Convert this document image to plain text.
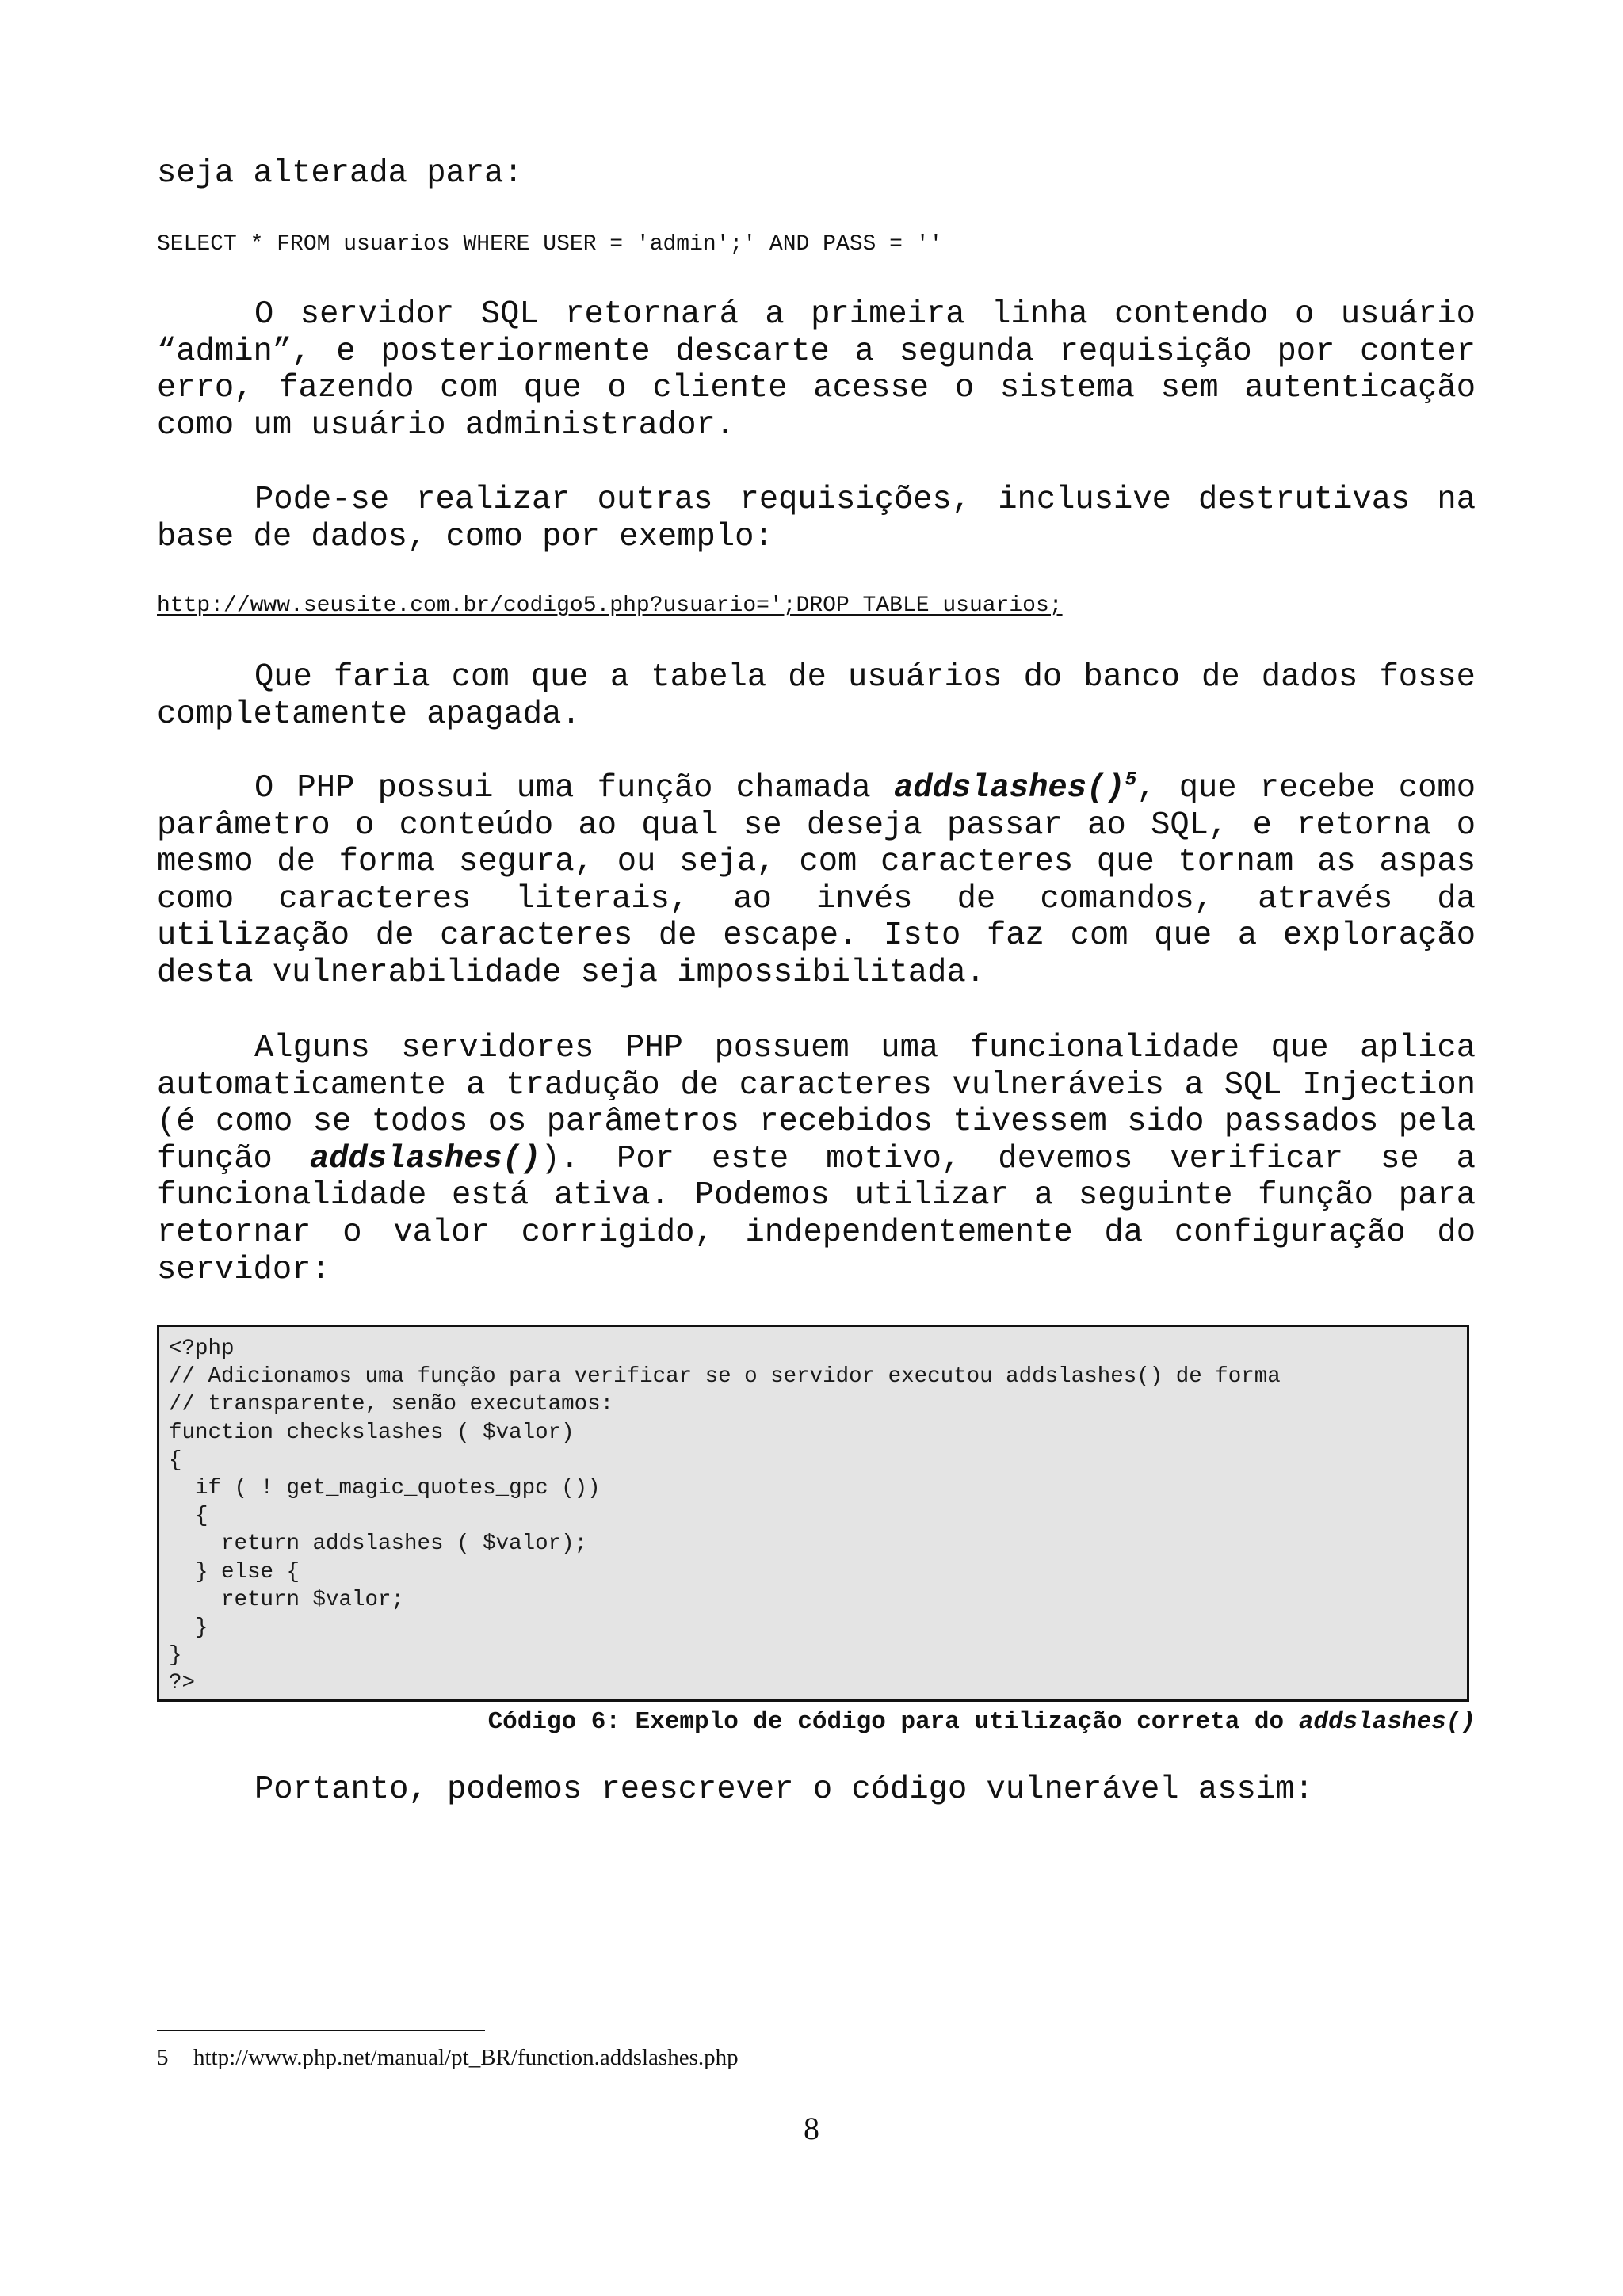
seja alterada para:

SELECT * FROM usuarios WHERE USER = 'admin';' AND PASS = ''

O servidor SQL retornará a primeira linha contendo o usuário “admin”, e posteriormente descarte a segunda requisição por conter erro, fazendo com que o cliente acesse o sistema sem autenticação como um usuário administrador.

Pode-se realizar outras requisições, inclusive destrutivas na base de dados, como por exemplo:

http://www.seusite.com.br/codigo5.php?usuario=';DROP TABLE usuarios;

Que faria com que a tabela de usuários do banco de dados fosse completamente apagada.

O PHP possui uma função chamada addslashes()$^5$, que recebe como parâmetro o conteúdo ao qual se deseja passar ao SQL, e retorna o mesmo de forma segura, ou seja, com caracteres que tornam as aspas como caracteres literais, ao invés de comandos, através da utilização de caracteres de escape. Isto faz com que a exploração desta vulnerabilidade seja impossibilitada.

Alguns servidores PHP possuem uma funcionalidade que aplica automaticamente a tradução de caracteres vulneráveis a SQL Injection (é como se todos os parâmetros recebidos tivessem sido passados pela função addslashes()). Por este motivo, devemos verificar se a funcionalidade está ativa. Podemos utilizar a seguinte função para retornar o valor corrigido, independentemente da configuração do servidor:

<?php
// Adicionamos uma função para verificar se o servidor executou addslashes() de forma
// transparente, senão executamos:
function checkslashes ( $valor)
{
if ( ! get_magic_quotes_gpc ())
{
return addslashes ( $valor);
} else {
return $valor;
}
}
?>

Código 6: Exemplo de código para utilização correta do addslashes()

Portanto, podemos reescrever o código vulnerável assim:

5 http://www.php.net/manual/pt_BR/function.addslashes.php
8
